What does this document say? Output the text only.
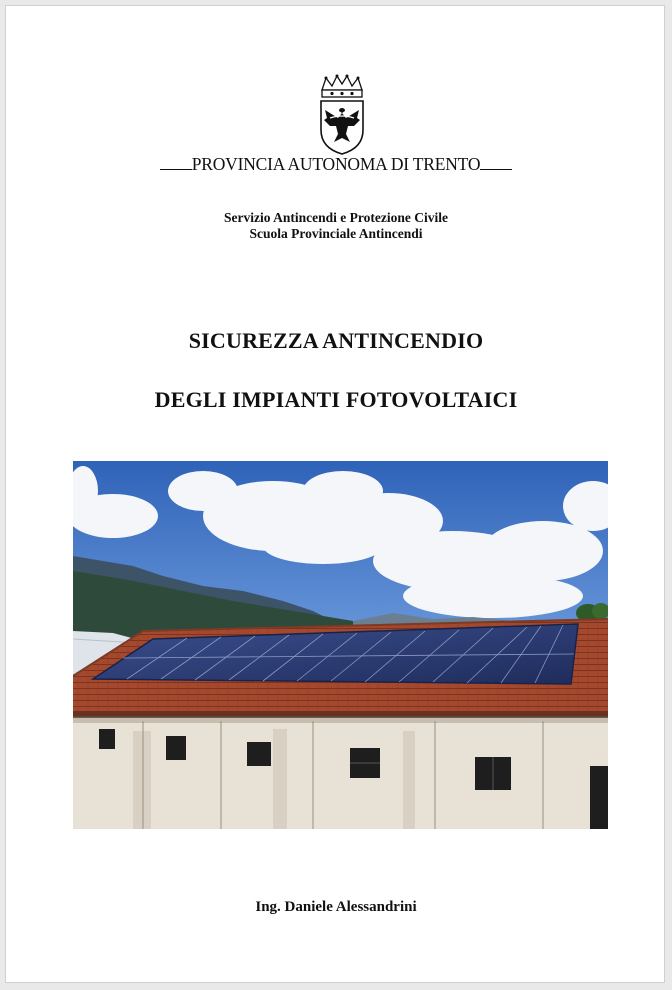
PROVINCIA AUTONOMA DI TRENTO
Servizio Antincendi e Protezione Civile
Scuola Provinciale Antincendi
SICUREZZA ANTINCENDIO
DEGLI IMPIANTI FOTOVOLTAICI
Ing. Daniele Alessandrini
